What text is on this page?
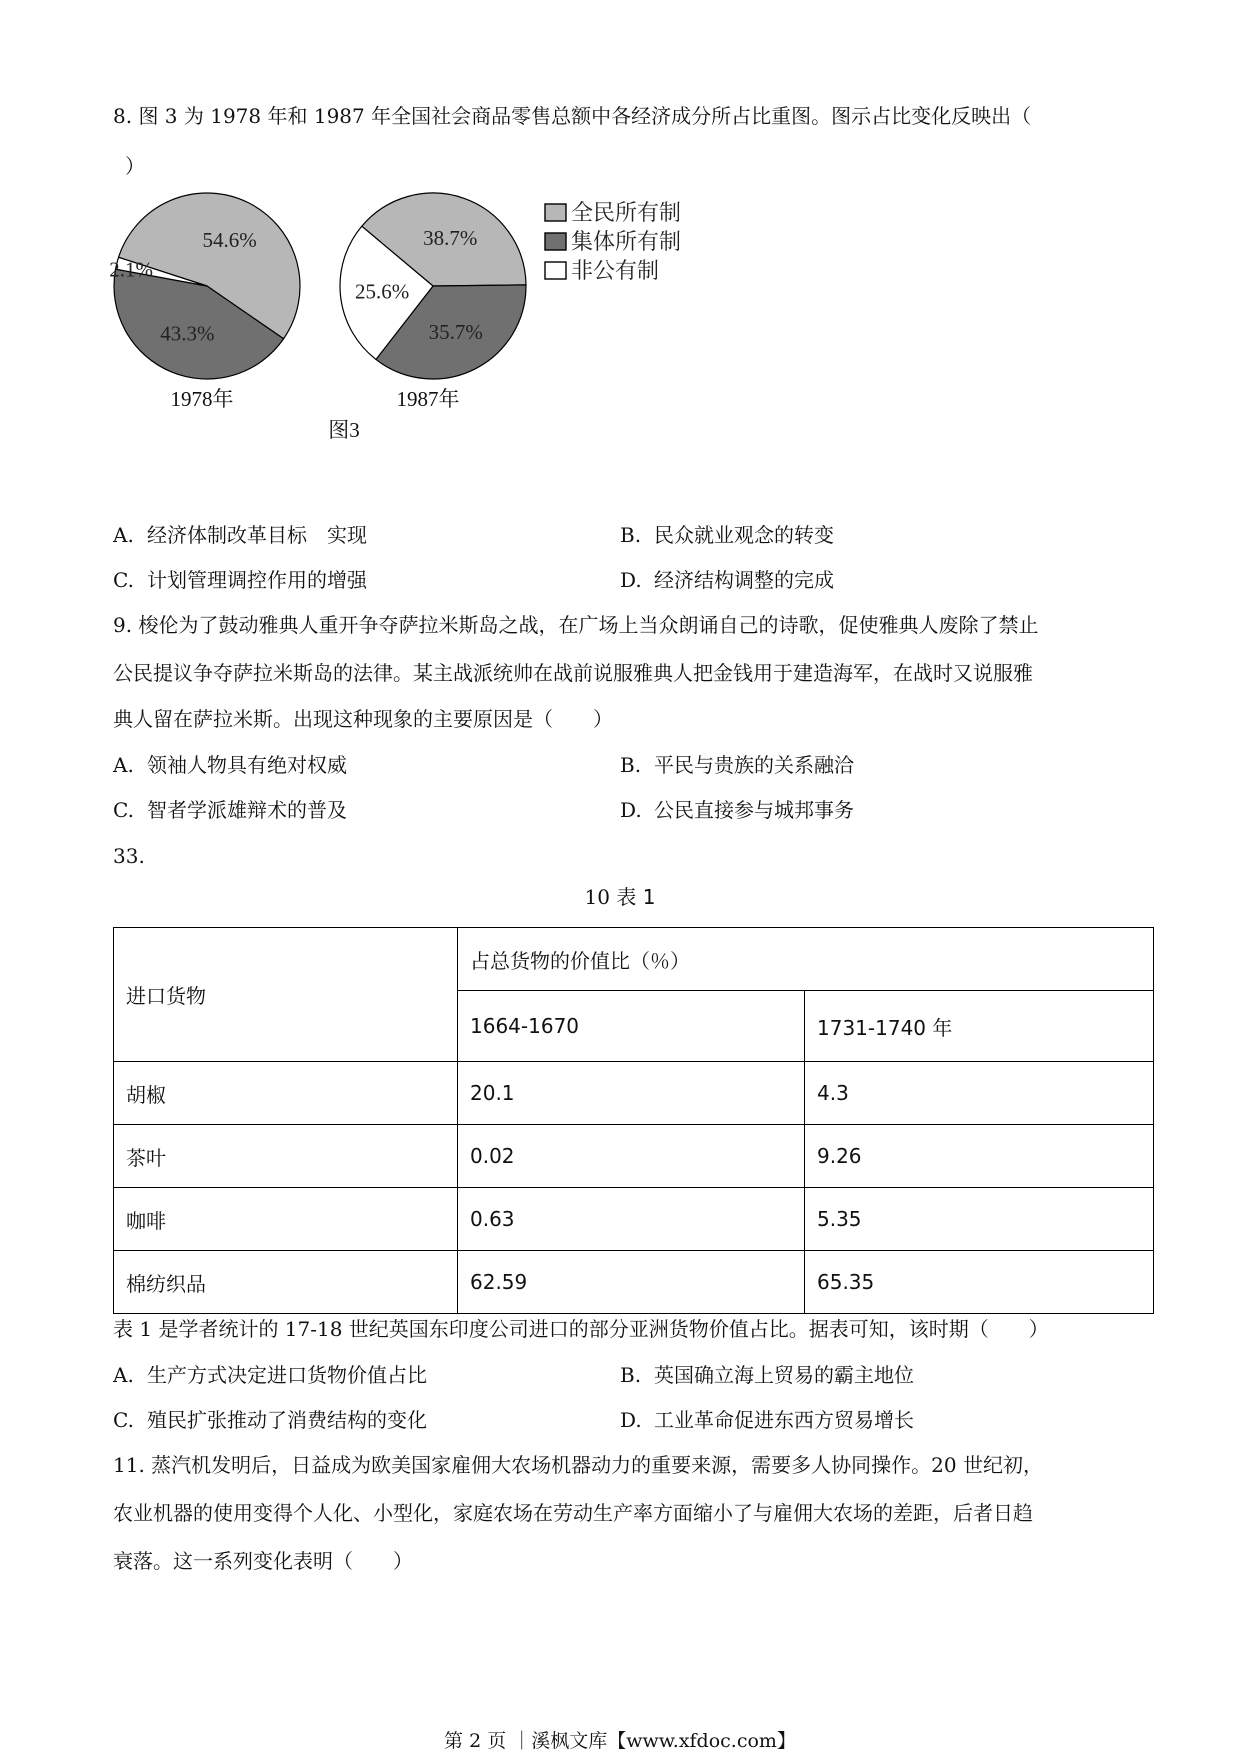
8. 图 3 为 1978 年和 1987 年全国社会商品零售总额中各经济成分所占比重图。图示占比变化反映出（
）
54.6%
43.3%
2.1%
1978年
38.7%
35.7%
25.6%
1987年
全民所有制
集体所有制
非公有制
图3
A. 经济体制改革目标　实现	B. 民众就业观念的转变
C. 计划管理调控作用的增强	D. 经济结构调整的完成
9. 梭伦为了鼓动雅典人重开争夺萨拉米斯岛之战，在广场上当众朗诵自己的诗歌，促使雅典人废除了禁止
公民提议争夺萨拉米斯岛的法律。某主战派统帅在战前说服雅典人把金钱用于建造海军，在战时又说服雅
典人留在萨拉米斯。出现这种现象的主要原因是（　　）
A. 领袖人物具有绝对权威	B. 平民与贵族的关系融洽
C. 智者学派雄辩术的普及	D. 公民直接参与城邦事务
33.
10 表 1
进口货物	占总货物的价值比（％）	
	1664-1670	1731-1740 年
胡椒	20.1	4.3
茶叶	0.02	9.26
咖啡	0.63	5.35
棉纺织品	62.59	65.35
表 1 是学者统计的 17-18 世纪英国东印度公司进口的部分亚洲货物价值占比。据表可知，该时期（　　）
A. 生产方式决定进口货物价值占比	B. 英国确立海上贸易的霸主地位
C. 殖民扩张推动了消费结构的变化	D. 工业革命促进东西方贸易增长
11. 蒸汽机发明后，日益成为欧美国家雇佣大农场机器动力的重要来源，需要多人协同操作。20 世纪初，
农业机器的使用变得个人化、小型化，家庭农场在劳动生产率方面缩小了与雇佣大农场的差距，后者日趋
衰落。这一系列变化表明（　　）
第 2 页 ｜溪枫文库【www.xfdoc.com】
